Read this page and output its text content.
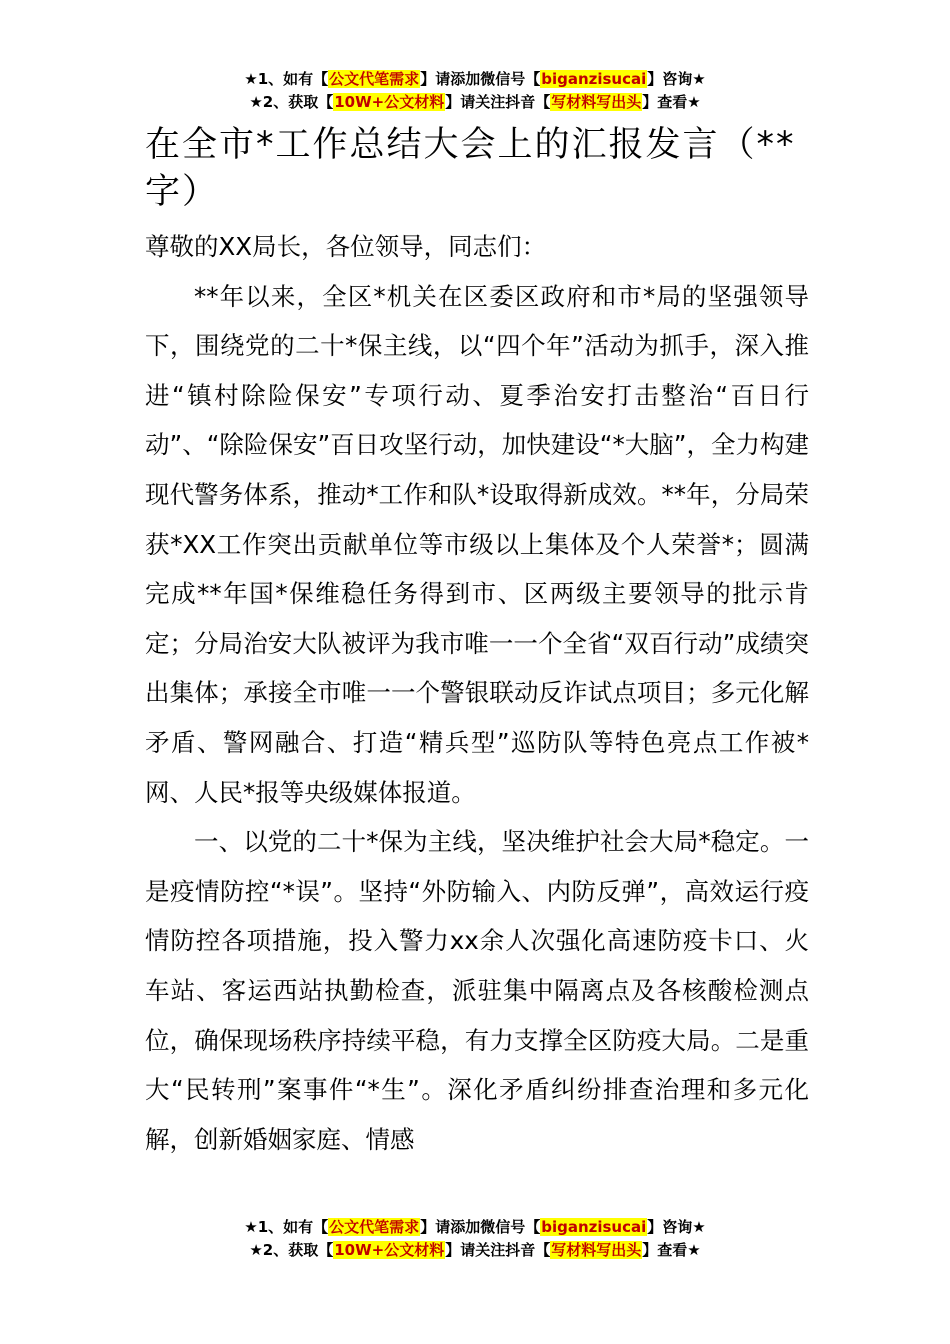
★1、如有【公文代笔需求】请添加微信号【biganzisucai】咨询★
★2、获取【10W+公文材料】请关注抖音【写材料写出头】查看★
在全市*工作总结大会上的汇报发言（**字）

尊敬的XX局长，各位领导，同志们：

**年以来，全区*机关在区委区政府和市*局的坚强领导下，围绕党的二十*保主线，以“四个年”活动为抓手，深入推进“镇村除险保安”专项行动、夏季治安打击整治“百日行动”、“除险保安”百日攻坚行动，加快建设“*大脑”，全力构建现代警务体系，推动*工作和队*设取得新成效。**年，分局荣获*XX工作突出贡献单位等市级以上集体及个人荣誉*；圆满完成**年国*保维稳任务得到市、区两级主要领导的批示肯定；分局治安大队被评为我市唯一一个全省“双百行动”成绩突出集体；承接全市唯一一个警银联动反诈试点项目；多元化解矛盾、警网融合、打造“精兵型”巡防队等特色亮点工作被*网、人民*报等央级媒体报道。

一、以党的二十*保为主线，坚决维护社会大局*稳定。一是疫情防控“*误”。坚持“外防输入、内防反弹”，高效运行疫情防控各项措施，投入警力xx余人次强化高速防疫卡口、火车站、客运西站执勤检查，派驻集中隔离点及各核酸检测点位，确保现场秩序持续平稳，有力支撑全区防疫大局。二是重大“民转刑”案事件“*生”。深化矛盾纠纷排查治理和多元化解，创新婚姻家庭、情感

★1、如有【公文代笔需求】请添加微信号【biganzisucai】咨询★
★2、获取【10W+公文材料】请关注抖音【写材料写出头】查看★
